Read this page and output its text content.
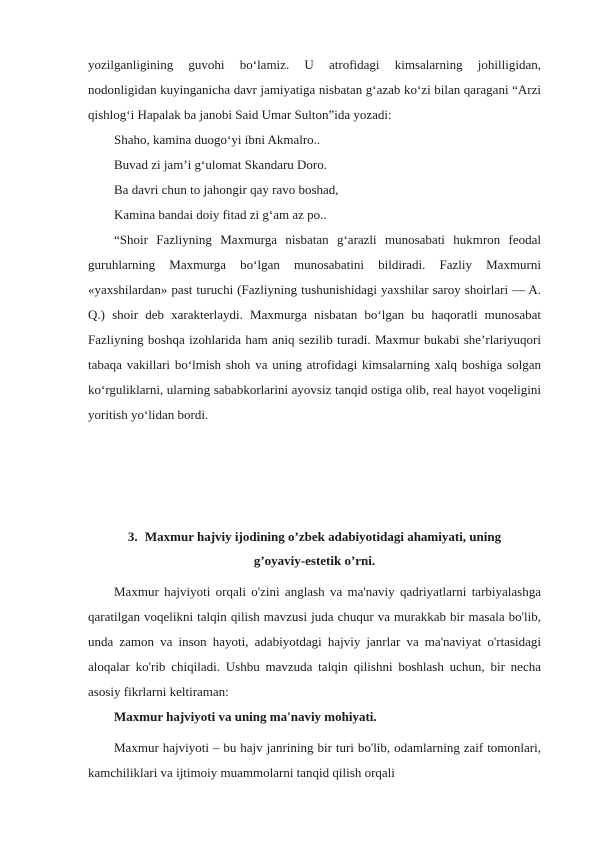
yozilganligining guvohi bo‘lamiz. U atrofidagi kimsalarning johilligidan, nodonligidan kuyinganicha davr jamiyatiga nisbatan g‘azab ko‘zi bilan qaragani “Arzi qishlog‘i Hapalak ba janobi Said Umar Sulton”ida yozadi:

Shaho, kamina duogo‘yi ibni Akmalro..

Buvad zi jam’i g‘ulomat Skandaru Doro.

Ba davri chun to jahongir qay ravo boshad,

Kamina bandai doiy fitad zi g‘am az po..

“Shoir Fazliyning Maxmurga nisbatan g‘arazli munosabati hukmron feodal guruhlarning Maxmurga bo‘lgan munosabatini bildiradi. Fazliy Maxmurni «yaxshilardan» past turuchi (Fazliyning tushunishidagi yaxshilar saroy shoirlari — A. Q.) shoir deb xarakterlaydi. Maxmurga nisbatan bo‘lgan bu haqoratli munosabat Fazliyning boshqa izohlarida ham aniq sezilib turadi. Maxmur bukabi she’rlariyuqori tabaqa vakillari bo‘lmish shoh va uning atrofidagi kimsalarning xalq boshiga solgan ko‘rguliklarni, ularning sababkorlarini ayovsiz tanqid ostiga olib, real hayot voqeligini yoritish yo‘lidan bordi.

3. Maxmur hajviy ijodining o’zbek adabiyotidagi ahamiyati, uning
g’oyaviy-estetik o’rni.

Maxmur hajviyoti orqali o'zini anglash va ma'naviy qadriyatlarni tarbiyalashga qaratilgan voqelikni talqin qilish mavzusi juda chuqur va murakkab bir masala bo'lib, unda zamon va inson hayoti, adabiyotdagi hajviy janrlar va ma'naviyat o'rtasidagi aloqalar ko'rib chiqiladi. Ushbu mavzuda talqin qilishni boshlash uchun, bir necha asosiy fikrlarni keltiraman:

Maxmur hajviyoti va uning ma'naviy mohiyati.

Maxmur hajviyoti – bu hajv janrining bir turi bo'lib, odamlarning zaif tomonlari, kamchiliklari va ijtimoiy muammolarni tanqid qilish orqali
